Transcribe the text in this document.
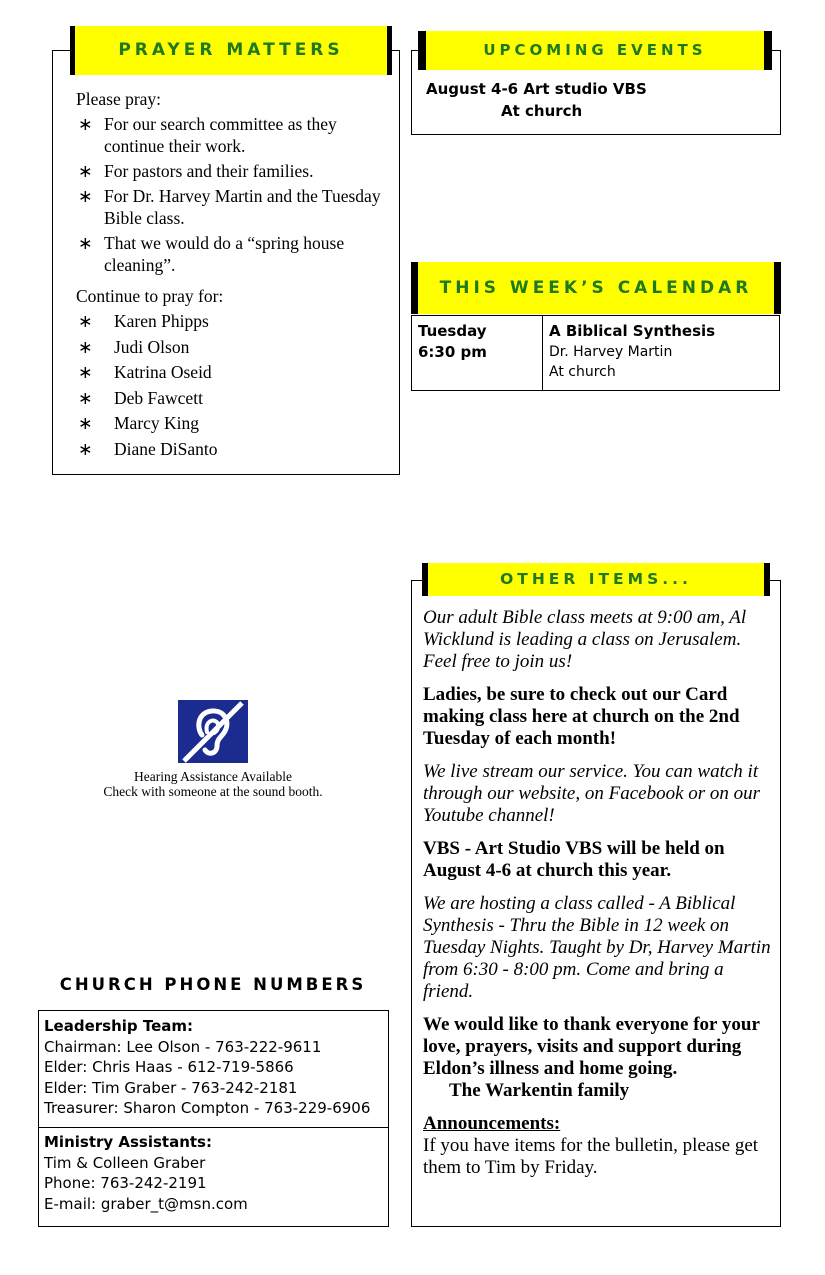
PRAYER MATTERS
Please pray:
∗ For our search committee as they continue their work.
∗ For pastors and their families.
∗ For Dr. Harvey Martin and the Tuesday Bible class.
∗ That we would do a “spring house cleaning”.
Continue to pray for:
∗ Karen Phipps
∗ Judi Olson
∗ Katrina Oseid
∗ Deb Fawcett
∗ Marcy King
∗ Diane DiSanto
UPCOMING EVENTS
August 4-6 Art studio VBS
At church
THIS WEEK’S CALENDAR
Tuesday
6:30 pm
A Biblical Synthesis
Dr. Harvey Martin
At church
Hearing Assistance Available
Check with someone at the sound booth.
CHURCH PHONE NUMBERS
Leadership Team:
Chairman: Lee Olson - 763-222-9611
Elder: Chris Haas - 612-719-5866
Elder: Tim Graber - 763-242-2181
Treasurer: Sharon Compton - 763-229-6906
Ministry Assistants:
Tim & Colleen Graber
Phone: 763-242-2191
E-mail: graber_t@msn.com
OTHER ITEMS...
Our adult Bible class meets at 9:00 am, Al Wicklund is leading a class on Jerusalem. Feel free to join us!
Ladies, be sure to check out our Card making class here at church on the 2nd Tuesday of each month!
We live stream our service. You can watch it through our website, on Facebook or on our Youtube channel!
VBS - Art Studio VBS will be held on August 4-6 at church this year.
We are hosting a class called - A Biblical Synthesis - Thru the Bible in 12 week on Tuesday Nights. Taught by Dr, Harvey Martin from 6:30 - 8:00 pm. Come and bring a friend.
We would like to thank everyone for your love, prayers, visits and support during Eldon’s illness and home going.
The Warkentin family
Announcements:
If you have items for the bulletin, please get them to Tim by Friday.
